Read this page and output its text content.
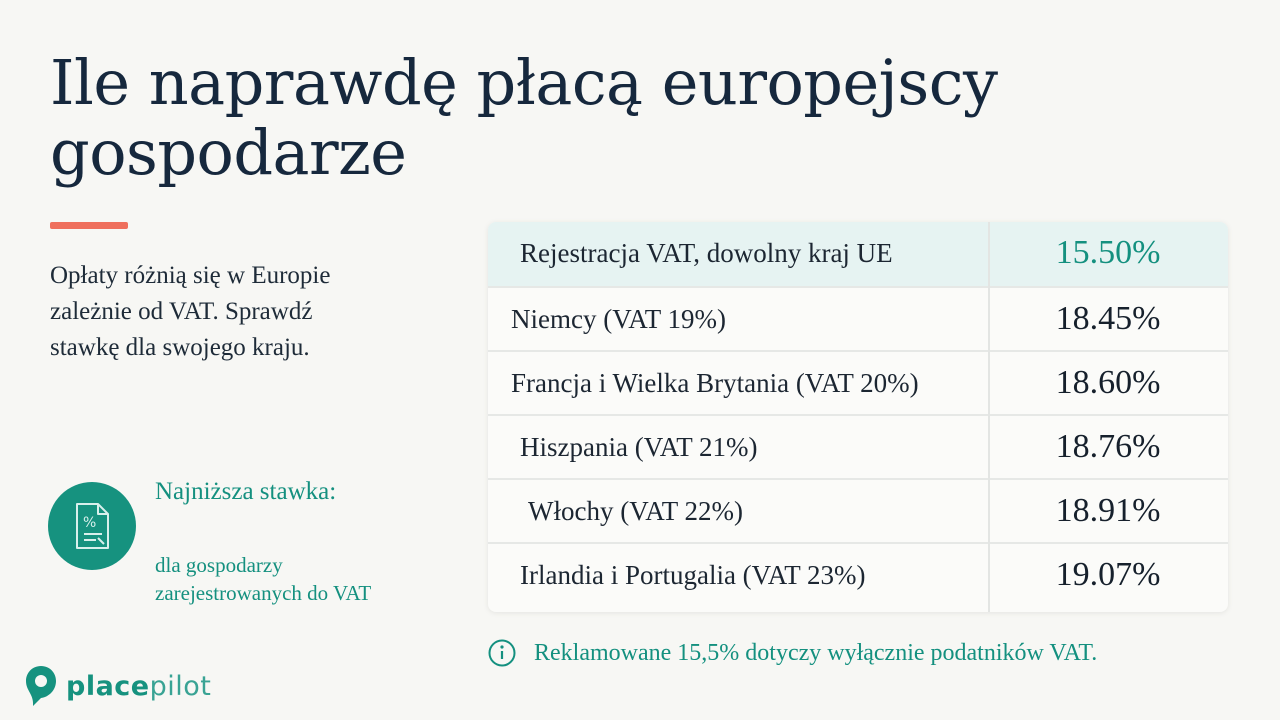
Ile naprawdę płacą europejscy
gospodarze
Opłaty różnią się w Europie
zależnie od VAT. Sprawdź
stawkę dla swojego kraju.
%
Najniższa stawka:
dla gospodarzy
zarejestrowanych do VAT
Rejestracja VAT, dowolny kraj UE	15.50%
Niemcy (VAT 19%)	18.45%
Francja i Wielka Brytania (VAT 20%)	18.60%
Hiszpania (VAT 21%)	18.76%
Włochy (VAT 22%)	18.91%
Irlandia i Portugalia (VAT 23%)	19.07%
Reklamowane 15,5% dotyczy wyłącznie podatników VAT.
placepilot
